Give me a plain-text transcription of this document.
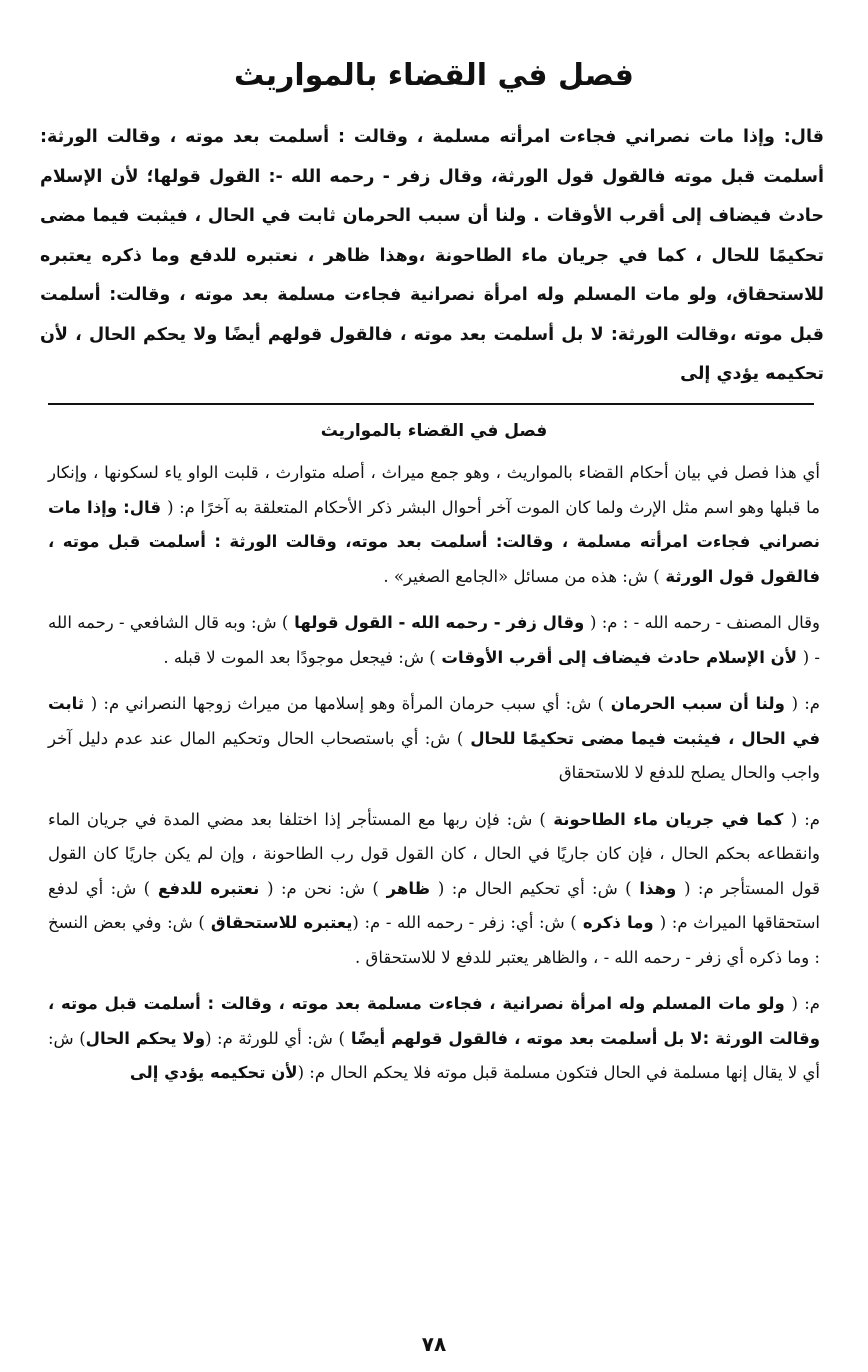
فصل في القضاء بالمواريث

قال: وإذا مات نصراني فجاءت امرأته مسلمة ، وقالت : أسلمت بعد موته ، وقالت الورثة: أسلمت قبل موته فالقول قول الورثة، وقال زفر - رحمه الله -: القول قولها؛ لأن الإسلام حادث فيضاف إلى أقرب الأوقات . ولنا أن سبب الحرمان ثابت في الحال ، فيثبت فيما مضى تحكيمًا للحال ، كما في جريان ماء الطاحونة ،وهذا ظاهر ، نعتبره للدفع وما ذكره يعتبره للاستحقاق، ولو مات المسلم وله امرأة نصرانية فجاءت مسلمة بعد موته ، وقالت: أسلمت قبل موته ،وقالت الورثة: لا بل أسلمت بعد موته ، فالقول قولهم أيضًا ولا يحكم الحال ، لأن تحكيمه يؤدي إلى

فصل في القضاء بالمواريث

أي هذا فصل في بيان أحكام القضاء بالمواريث ، وهو جمع ميراث ، أصله متوارث ، قلبت الواو ياء لسكونها ، وإنكار ما قبلها وهو اسم مثل الإرث ولما كان الموت آخر أحوال البشر ذكر الأحكام المتعلقة به آخرًا م: ( قال: وإذا مات نصراني فجاءت امرأته مسلمة ، وقالت: أسلمت بعد موته، وقالت الورثة : أسلمت قبل موته ، فالقول قول الورثة ) ش: هذه من مسائل «الجامع الصغير» .

وقال المصنف - رحمه الله - : م: ( وقال زفر - رحمه الله - القول قولها ) ش: وبه قال الشافعي - رحمه الله - ( لأن الإسلام حادث فيضاف إلى أقرب الأوقات ) ش: فيجعل موجودًا بعد الموت لا قبله .

م: ( ولنا أن سبب الحرمان ) ش: أي سبب حرمان المرأة وهو إسلامها من ميراث زوجها النصراني م: ( ثابت في الحال ، فيثبت فيما مضى تحكيمًا للحال ) ش: أي باستصحاب الحال وتحكيم المال عند عدم دليل آخر واجب والحال يصلح للدفع لا للاستحقاق

م: ( كما في جريان ماء الطاحونة ) ش: فإن ربها مع المستأجر إذا اختلفا بعد مضي المدة في جريان الماء وانقطاعه بحكم الحال ، فإن كان جاريًا في الحال ، كان القول قول رب الطاحونة ، وإن لم يكن جاريًا كان القول قول المستأجر م: ( وهذا ) ش: أي تحكيم الحال م: ( ظاهر ) ش: نحن م: ( نعتبره للدفع ) ش: أي لدفع استحقاقها الميراث م: ( وما ذكره ) ش: أي: زفر - رحمه الله - م: (يعتبره للاستحقاق ) ش: وفي بعض النسخ : وما ذكره أي زفر - رحمه الله - ، والظاهر يعتبر للدفع لا للاستحقاق .

م: ( ولو مات المسلم وله امرأة نصرانية ، فجاءت مسلمة بعد موته ، وقالت : أسلمت قبل موته ، وقالت الورثة :لا بل أسلمت بعد موته ، فالقول قولهم أيضًا ) ش: أي للورثة م: (ولا يحكم الحال) ش: أي لا يقال إنها مسلمة في الحال فتكون مسلمة قبل موته فلا يحكم الحال م: (لأن تحكيمه يؤدي إلى

٧٨
